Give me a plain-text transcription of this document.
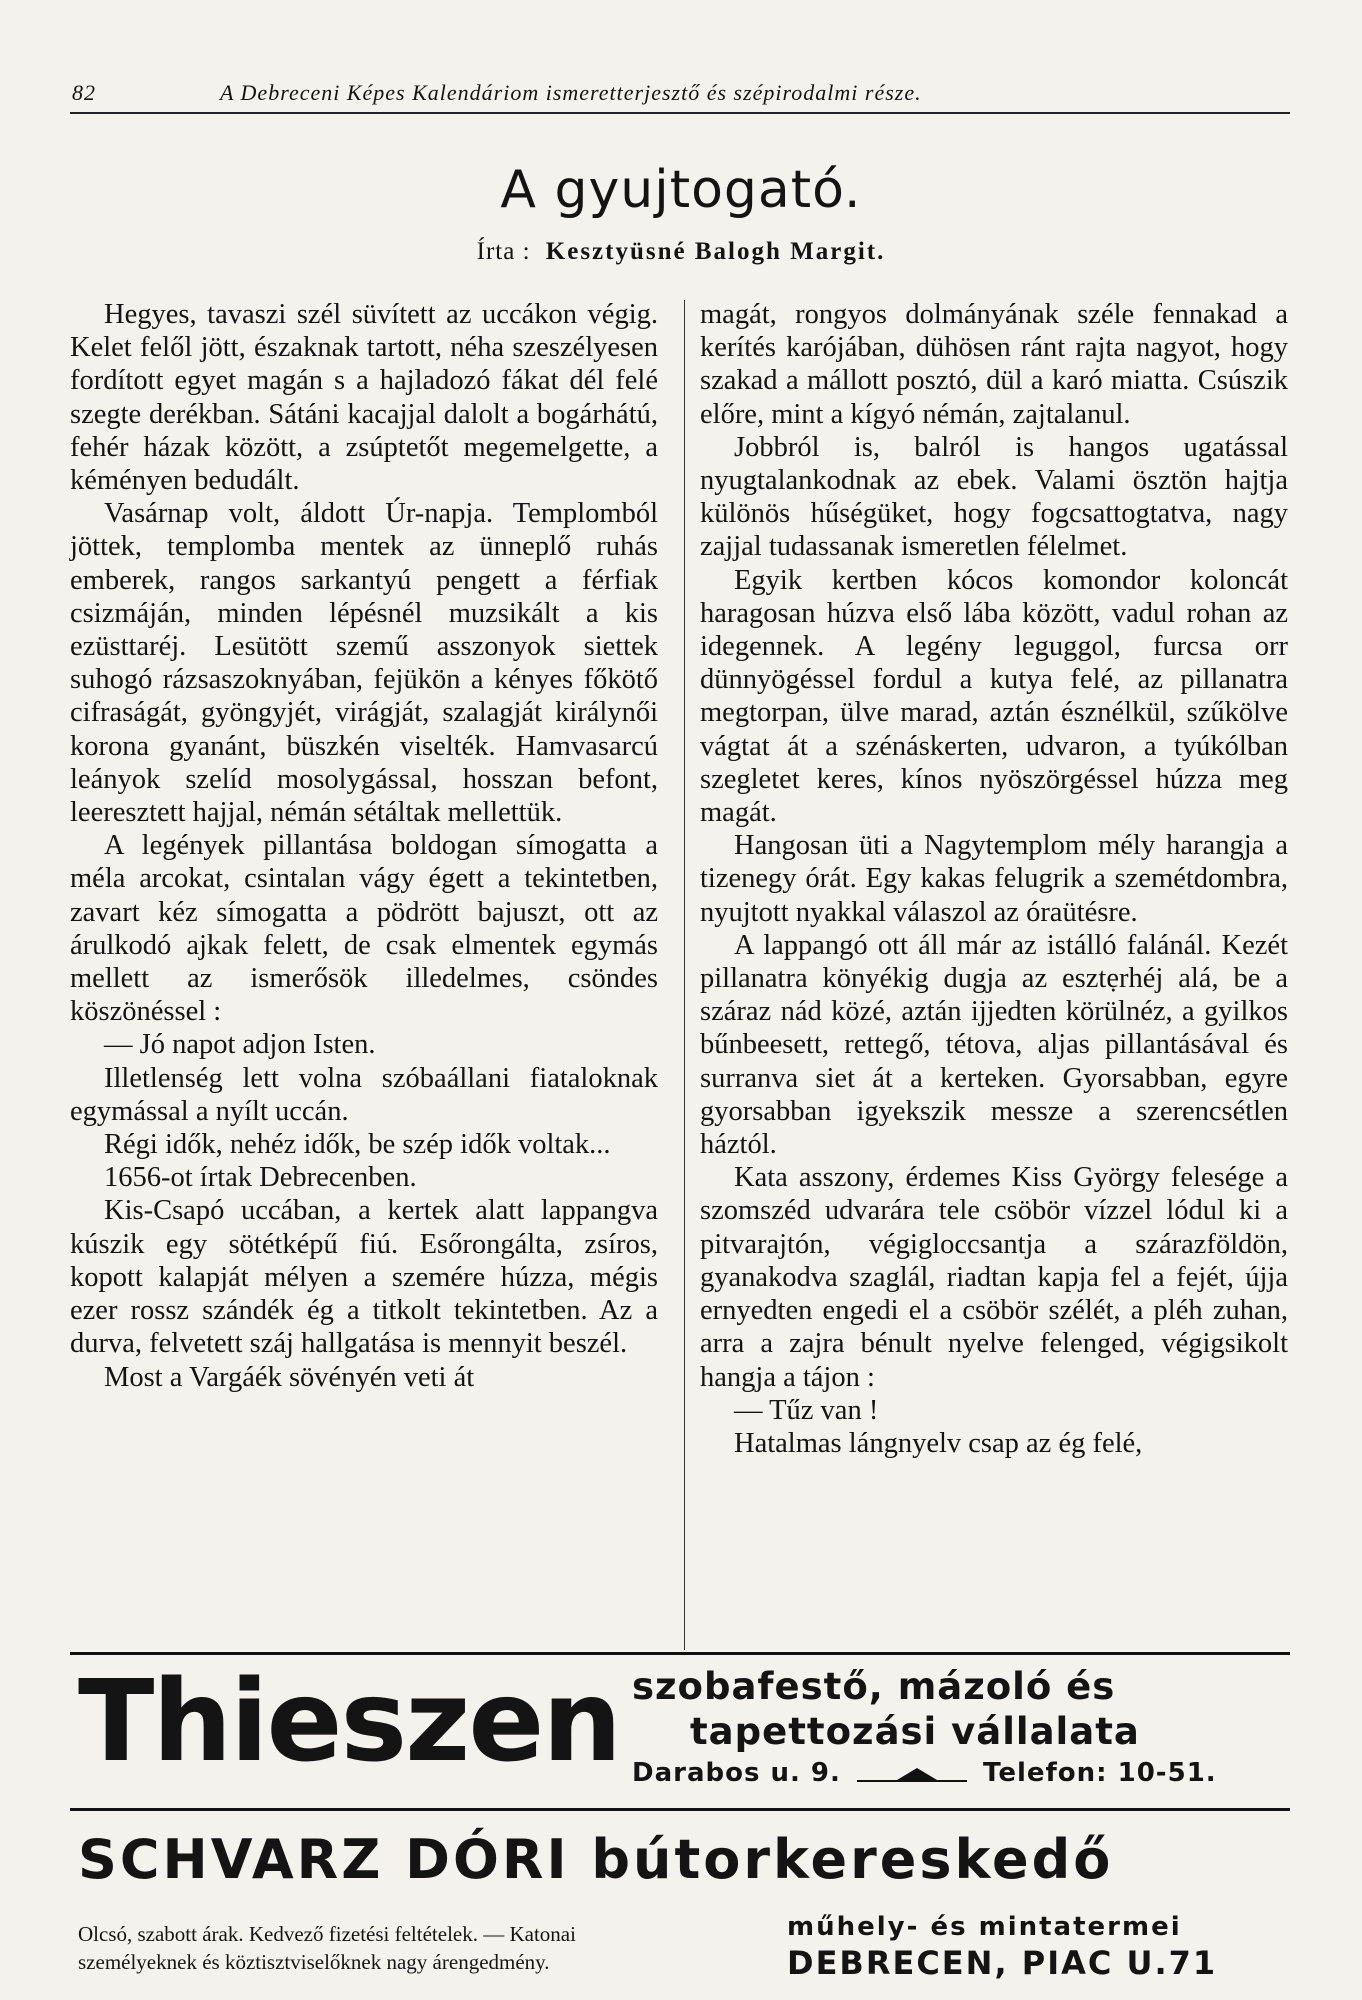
82	A Debreceni Képes Kalendáriom ismeretterjesztő és szépirodalmi része.
A gyujtogató.
Írta : Kesztyüsné Balogh Margit.

Hegyes, tavaszi szél süvített az uccákon végig. Kelet felől jött, északnak tartott, néha szeszélyesen fordított egyet magán s a hajladozó fákat dél felé szegte derékban. Sátáni kacajjal dalolt a bogárhátú, fehér házak között, a zsúptetőt megemelgette, a kéményen bedudált.

Vasárnap volt, áldott Úr-napja. Templomból jöttek, templomba mentek az ünneplő ruhás emberek, rangos sarkantyú pengett a férfiak csizmáján, minden lépésnél muzsikált a kis ezüsttaréj. Lesütött szemű asszonyok siettek suhogó rázsaszoknyában, fejükön a kényes főkötő cifraságát, gyöngyjét, virágját, szalagját királynői korona gyanánt, büszkén viselték. Hamvasarcú leányok szelíd mosolygással, hosszan befont, leeresztett hajjal, némán sétáltak mellettük.

A legények pillantása boldogan símogatta a méla arcokat, csintalan vágy égett a tekintetben, zavart kéz símogatta a pödrött bajuszt, ott az árulkodó ajkak felett, de csak elmentek egymás mellett az ismerősök illedelmes, csöndes köszönéssel :

— Jó napot adjon Isten.

Illetlenség lett volna szóbaállani fiataloknak egymással a nyílt uccán.

Régi idők, nehéz idők, be szép idők voltak...

1656-ot írtak Debrecenben.

Kis-Csapó uccában, a kertek alatt lappangva kúszik egy sötétképű fiú. Esőrongálta, zsíros, kopott kalapját mélyen a szemére húzza, mégis ezer rossz szándék ég a titkolt tekintetben. Az a durva, felvetett száj hallgatása is mennyit beszél.

Most a Vargáék sövényén veti át

magát, rongyos dolmányának széle fennakad a kerítés karójában, dühösen ránt rajta nagyot, hogy szakad a mállott posztó, dül a karó miatta. Csúszik előre, mint a kígyó némán, zajtalanul.

Jobbról is, balról is hangos ugatással nyugtalankodnak az ebek. Valami ösztön hajtja különös hűségüket, hogy fogcsattogtatva, nagy zajjal tudassanak ismeretlen félelmet.

Egyik kertben kócos komondor koloncát haragosan húzva első lába között, vadul rohan az idegennek. A legény leguggol, furcsa orr dünnyögéssel fordul a kutya felé, az pillanatra megtorpan, ülve marad, aztán észnélkül, szűkölve vágtat át a szénáskerten, udvaron, a tyúkólban szegletet keres, kínos nyöszörgéssel húzza meg magát.

Hangosan üti a Nagytemplom mély harangja a tizenegy órát. Egy kakas felugrik a szemétdombra, nyujtott nyakkal válaszol az óraütésre.

A lappangó ott áll már az istálló falánál. Kezét pillanatra könyékig dugja az esztẹrhéj alá, be a száraz nád közé, aztán ijjedten körülnéz, a gyilkos bűnbeesett, rettegő, tétova, aljas pillantásával és surranva siet át a kerteken. Gyorsabban, egyre gyorsabban igyekszik messze a szerencsétlen háztól.

Kata asszony, érdemes Kiss György felesége a szomszéd udvarára tele csöbör vízzel lódul ki a pitvarajtón, végigloccsantja a szárazföldön, gyanakodva szaglál, riadtan kapja fel a fejét, újja ernyedten engedi el a csöbör szélét, a pléh zuhan, arra a zajra bénult nyelve felenged, végigsikolt hangja a tájon :

— Tűz van !

Hatalmas lángnyelv csap az ég felé,

Thieszen szobafestő, mázoló és
tapettozási vállalata
Darabos u. 9.	Telefon: 10-51.
SCHVARZ DÓRI bútorkereskedő
Olcsó, szabott árak. Kedvező fizetési feltételek. — Katonai
személyeknek és köztisztviselőknek nagy árengedmény.
műhely- és mintatermei
DEBRECEN, PIAC U.71
